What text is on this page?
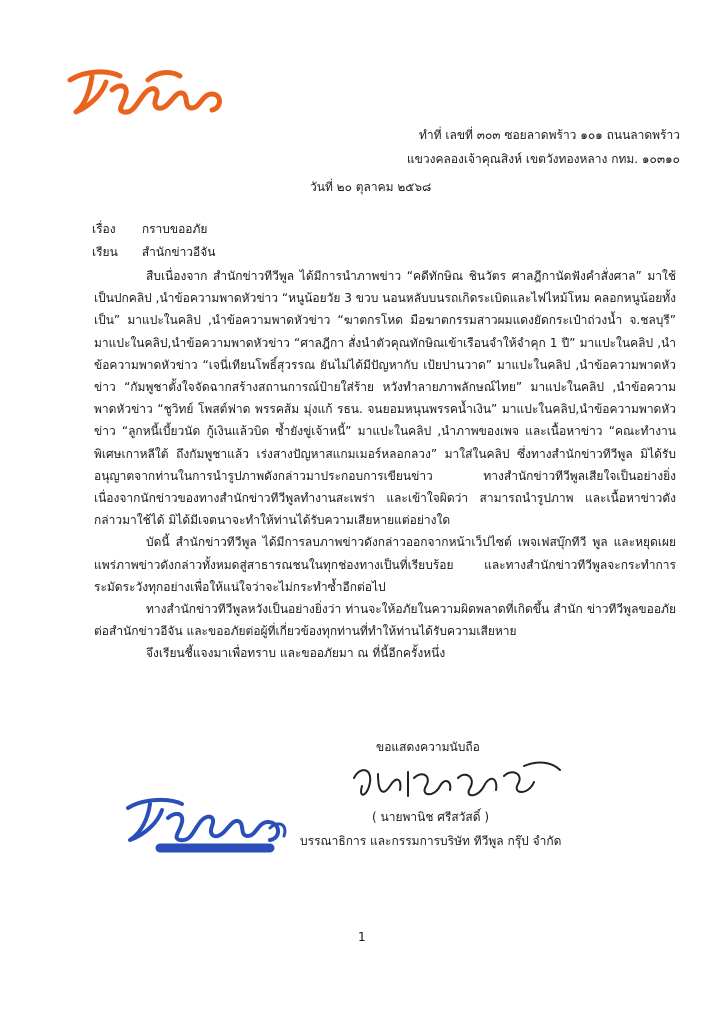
ทำที่ เลขที่ ๓๐๓ ซอยลาดพร้าว ๑๐๑ ถนนลาดพร้าว
แขวงคลองเจ้าคุณสิงห์ เขตวังทองหลาง กทม. ๑๐๓๑๐
วันที่ ๒๐ ตุลาคม ๒๕๖๘
เรื่อง กราบขออภัย
เรียน สำนักข่าวอีจัน

สืบเนื่องจาก สำนักข่าวทีวีพูล ได้มีการนำภาพข่าว “คดีทักษิณ ชินวัตร ศาลฎีกานัดฟังคำสั่งศาล” มาใช้เป็นปกคลิป ,นำข้อความพาดหัวข่าว “หนูน้อยวัย 3 ขวบ นอนหลับบนรถเกิดระเบิดและไฟไหม้โหม คลอกหนูน้อยทั้งเป็น” มาแปะในคลิป ,นำข้อความพาดหัวข่าว “ฆาตกรโหด มือฆาตกรรมสาวผมแดงยัดกระเป๋าถ่วงน้ำ จ.ชลบุรี” มาแปะในคลิป,นำข้อความพาดหัวข่าว “ศาลฎีกา สั่งนำตัวคุณทักษิณเข้าเรือนจำให้จำคุก 1 ปี” มาแปะในคลิป ,นำข้อความพาดหัวข่าว “เจนี่เทียนโพธิ์สุวรรณ ยันไม่ได้มีปัญหากับ เป้ยปานวาด” มาแปะในคลิป ,นำข้อความพาดหัวข่าว “กัมพูชาตั้งใจจัดฉากสร้างสถานการณ์ป้ายใส่ร้าย หวังทำลายภาพลักษณ์ไทย” มาแปะในคลิป ,นำข้อความพาดหัวข่าว “ชูวิทย์ โพสต์ฟาด พรรคส้ม มุ่งแก้ รธน. จนยอมหนุนพรรคน้ำเงิน” มาแปะในคลิป,นำข้อความพาดหัวข่าว “ลูกหนี้เบี้ยวนัด กู้เงินแล้วบิด ซ้ำยังขู่เจ้าหนี้” มาแปะในคลิป ,นำภาพของเพจ และเนื้อหาข่าว “คณะทำงานพิเศษเกาหลีใต้ ถึงกัมพูชาแล้ว เร่งสางปัญหาสแกมเมอร์หลอกลวง” มาใส่ในคลิป ซึ่งทางสำนักข่าวทีวีพูล มิได้รับอนุญาตจากท่านในการนำรูปภาพดังกล่าวมาประกอบการเขียนข่าว ทางสำนักข่าวทีวีพูลเสียใจเป็นอย่างยิ่ง เนื่องจากนักข่าวของทางสำนักข่าวทีวีพูลทำงานสะเพร่า และเข้าใจผิดว่า สามารถนำรูปภาพ และเนื้อหาข่าวดังกล่าวมาใช้ได้ มิได้มีเจตนาจะทำให้ท่านได้รับความเสียหายแต่อย่างใด

บัดนี้ สำนักข่าวทีวีพูล ได้มีการลบภาพข่าวดังกล่าวออกจากหน้าเว็ปไซต์ เพจเฟสบุ๊กทีวี พูล และหยุดเผยแพร่ภาพข่าวดังกล่าวทั้งหมดสู่สาธารณชนในทุกช่องทางเป็นที่เรียบร้อย และทางสำนักข่าวทีวีพูลจะกระทำการระมัดระวังทุกอย่างเพื่อให้แน่ใจว่าจะไม่กระทำซ้ำอีกต่อไป

ทางสำนักข่าวทีวีพูลหวังเป็นอย่างยิ่งว่า ท่านจะให้อภัยในความผิดพลาดที่เกิดขึ้น สำนัก ข่าวทีวีพูลขออภัยต่อสำนักข่าวอีจัน และขออภัยต่อผู้ที่เกี่ยวข้องทุกท่านที่ทำให้ท่านได้รับความเสียหาย

จึงเรียนชี้แจงมาเพื่อทราบ และขออภัยมา ณ ที่นี้อีกครั้งหนึ่ง

ขอแสดงความนับถือ
( นายพานิช ศรีสวัสดิ์ )
บรรณาธิการ และกรรมการบริษัท ทีวีพูล กรุ๊ป จำกัด
1
